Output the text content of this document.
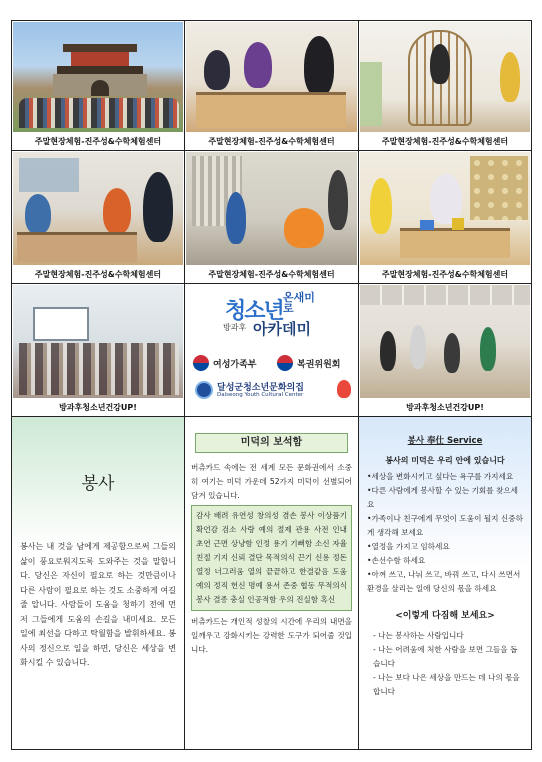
주말현장체험-진주성&수학체험센터	주말현장체험-진주성&수학체험센터	주말현장체험-진주성&수학체험센터
주말현장체험-진주성&수학체험센터	주말현장체험-진주성&수학체험센터	주말현장체험-진주성&수학체험센터
방과후청소년건강UP!
청소년
온새미로
방과후 아카데미
여성가족부	복권위원회
달성군청소년문화의집
Dalseong Youth Cultural Center
방과후청소년건강UP!
봉사
봉사는 내 것을 남에게 제공함으로써 그들의 삶이 풍요로워지도록 도와주는 것을 말합니다. 당신은 자신이 필요로 하는 것만큼이나 다른 사람이 필요로 하는 것도 소중하게 여길 줄 압니다. 사람들이 도움을 청하기 전에 먼저 그들에게 도움의 손길을 내미세요. 모든 일에 최선을 다하고 탁월함을 발휘하세요. 봉사의 정신으로 일을 하면, 당신은 세상을 변화시킬 수 있습니다.
미덕의 보석함
버츄카드 속에는 전 세계 모든 문화권에서 소중히 여기는 미덕 가운데 52가지 미덕이 선별되어 담겨 있습니다.
감사 배려 유연성 창의성 겸손 봉사 이상품기 확언감 검소 사랑 예의 절제 관용 사전 인내 초연 근면 상냥함 인정 용기 기뻐함 소신 자율 친절 기지 신뢰 결단 목적의식 끈기 신용 정돈 열정 너그러움 열의 끝끝하고 한결같음 도움 예의 정직 헌신 명예 용서 존중 협동 무적의식 봉사 결종 충실 인공적함 우의 진실함 혹신
버츄카드는 개인적 성찰의 시간에 우리의 내면을 일깨우고 강화시키는 강력한 도구가 되어줄 것입니다.
봉사 奉仕 Service
봉사의 미덕은 우리 안에 있습니다
•세상을 변화시키고 싶다는 욕구를 가지세요
•다른 사람에게 봉사할 수 있는 기회를 찾으세요
•가족이나 친구에게 무엇이 도움이 될지 신중하게 생각해 보세요
•열정을 가지고 임하세요
•손선수함 하세요
•아껴 쓰고, 나눠 쓰고, 바꿔 쓰고, 다시 쓰면서 환경을 살리는 일에 당신의 몫을 하세요
<이렇게 다짐해 보세요>
- 나는 봉사하는 사람입니다
- 나는 어려움에 처한 사람을 보면 그들을 돕습니다
- 나는 보다 나은 세상을 만드는 데 나의 몫을 합니다
